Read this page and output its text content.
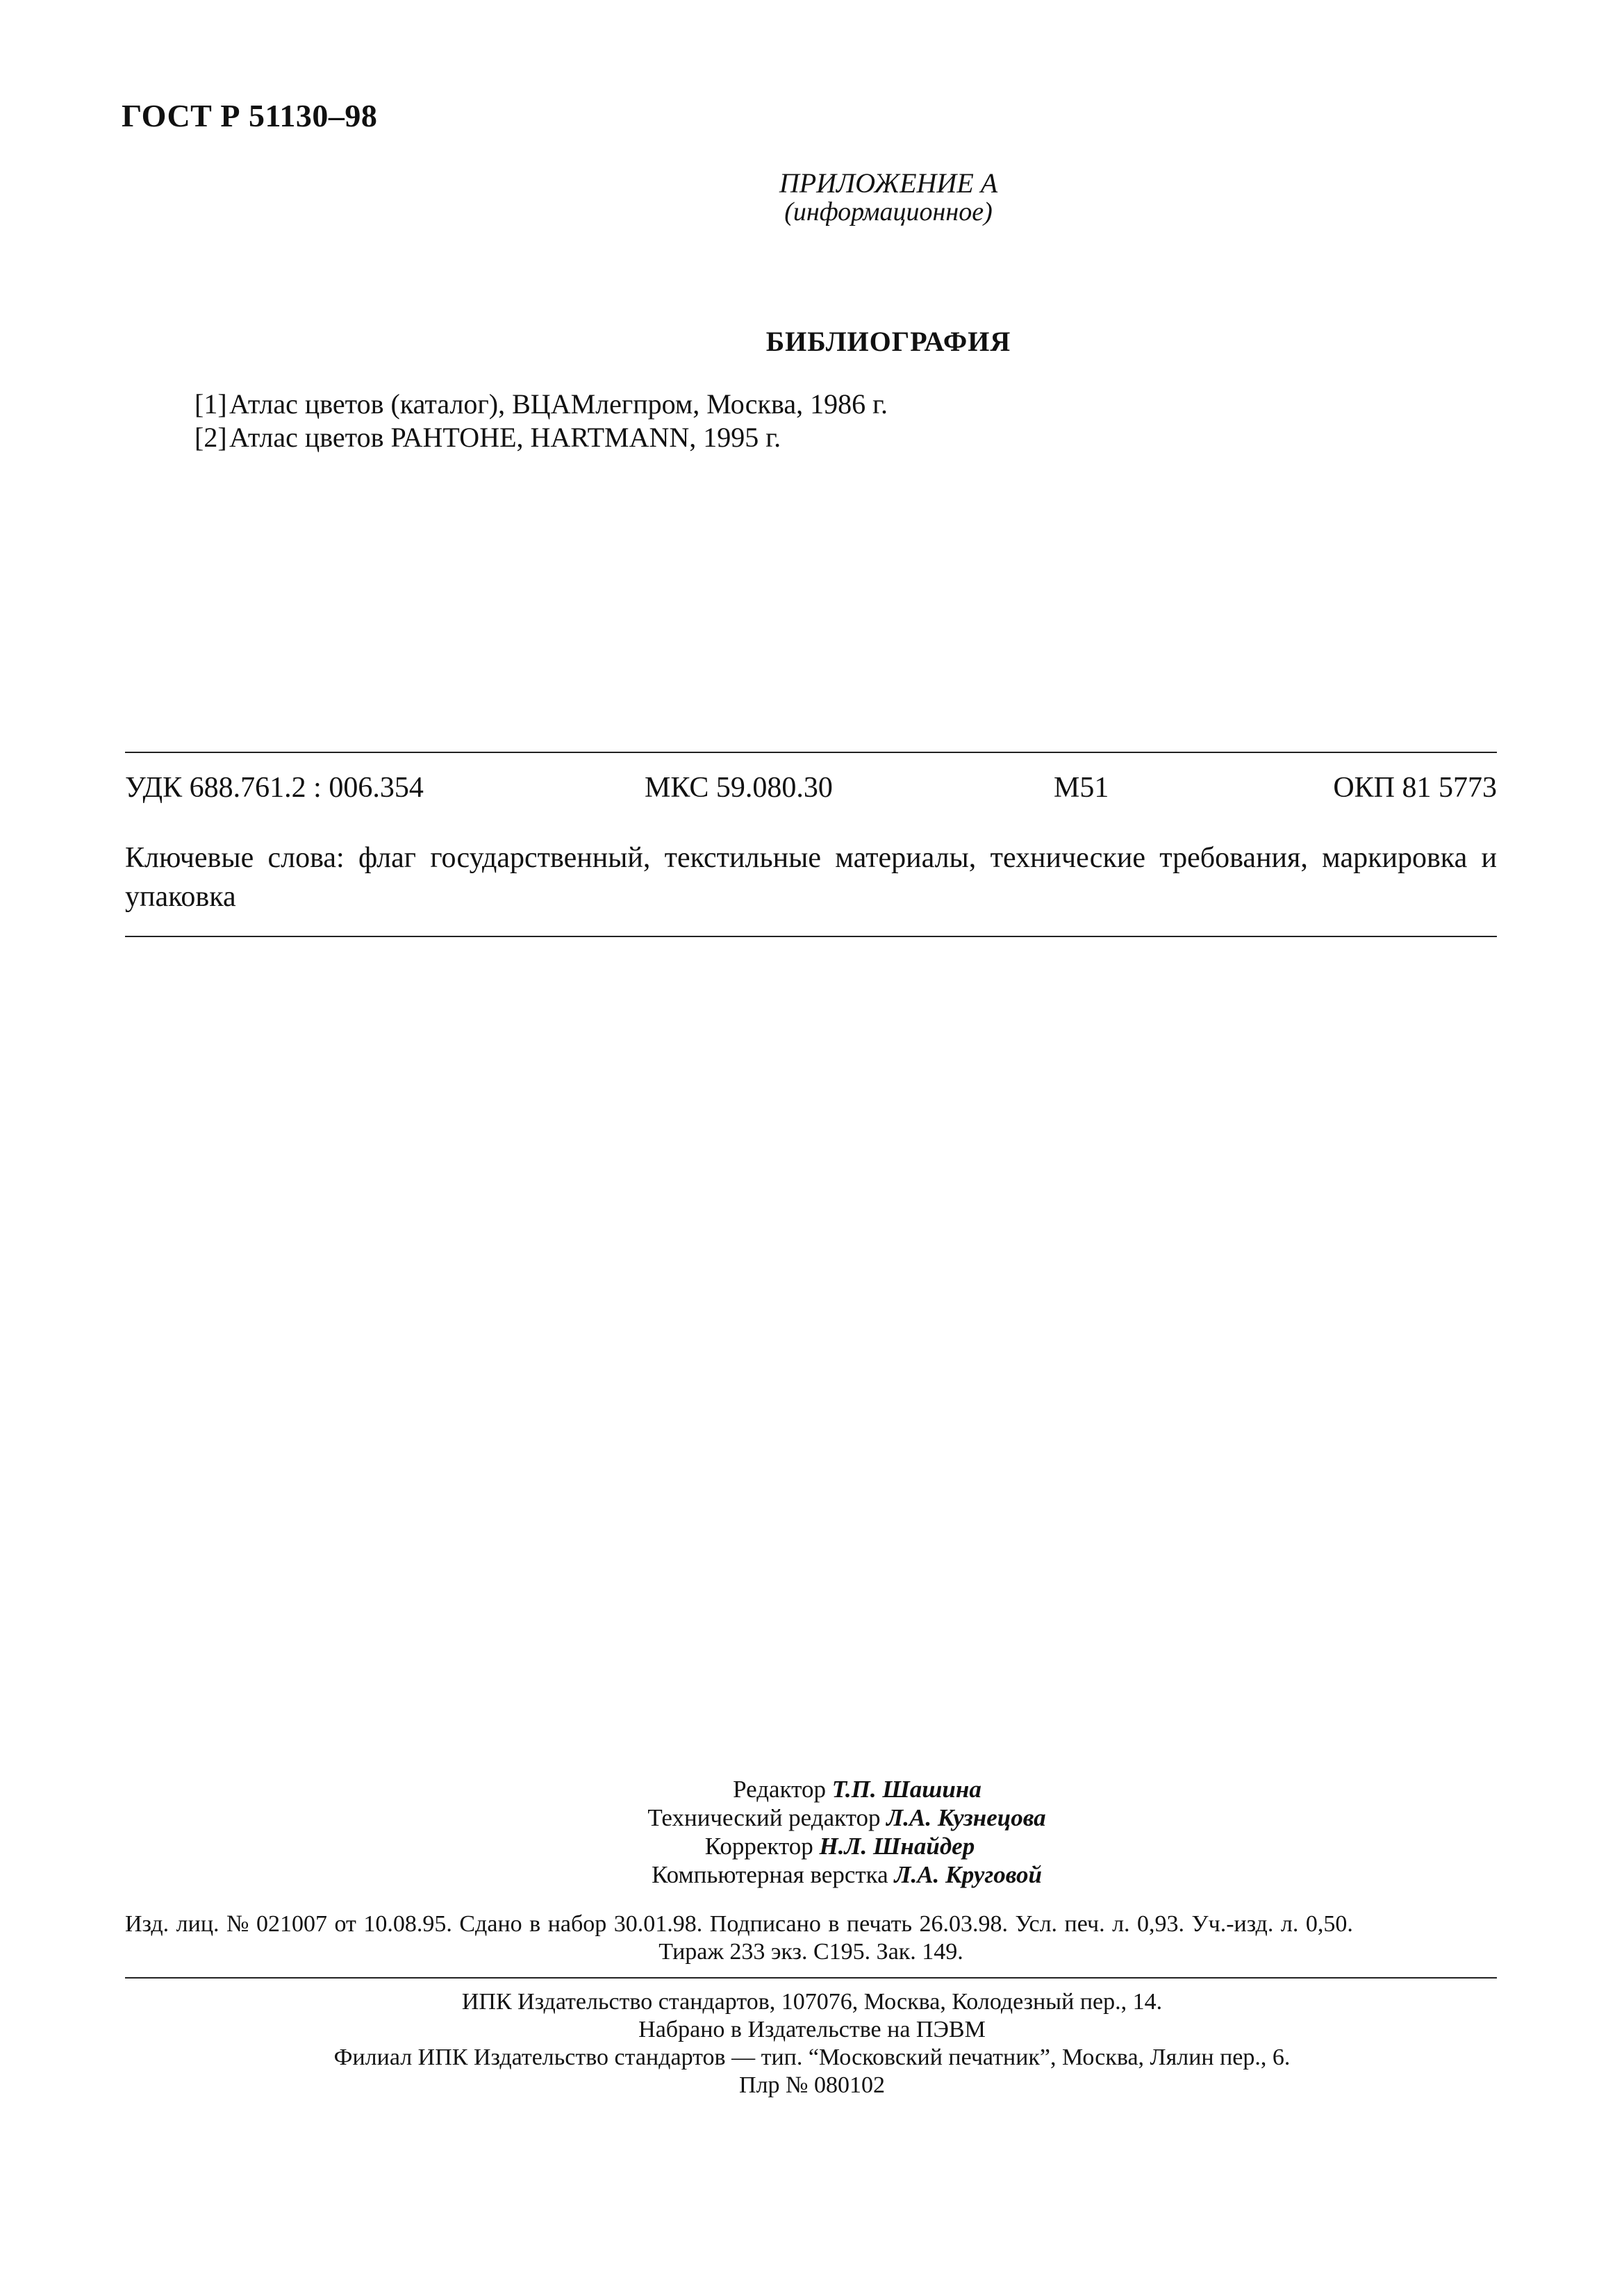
ГОСТ Р 51130–98
ПРИЛОЖЕНИЕ А
(информационное)
БИБЛИОГРАФИЯ
[1] Атлас цветов (каталог), ВЦАМлегпром, Москва, 1986 г.
[2] Атлас цветов РАНТОНЕ, HARTMANN, 1995 г.
УДК 688.761.2 : 006.354	МКС 59.080.30	М51	ОКП 81 5773
Ключевые слова: флаг государственный, текстильные материалы, технические требования, маркировка и упаковка
Редактор Т.П. Шашина
Технический редактор Л.А. Кузнецова
Корректор Н.Л. Шнайдер
Компьютерная верстка Л.А. Круговой
Изд. лиц. № 021007 от 10.08.95. Сдано в набор 30.01.98. Подписано в печать 26.03.98. Усл. печ. л. 0,93. Уч.-изд. л. 0,50.
Тираж 233 экз. С195. Зак. 149.
ИПК Издательство стандартов, 107076, Москва, Колодезный пер., 14.
Набрано в Издательстве на ПЭВМ
Филиал ИПК Издательство стандартов — тип. “Московский печатник”, Москва, Лялин пер., 6.
Плр № 080102
